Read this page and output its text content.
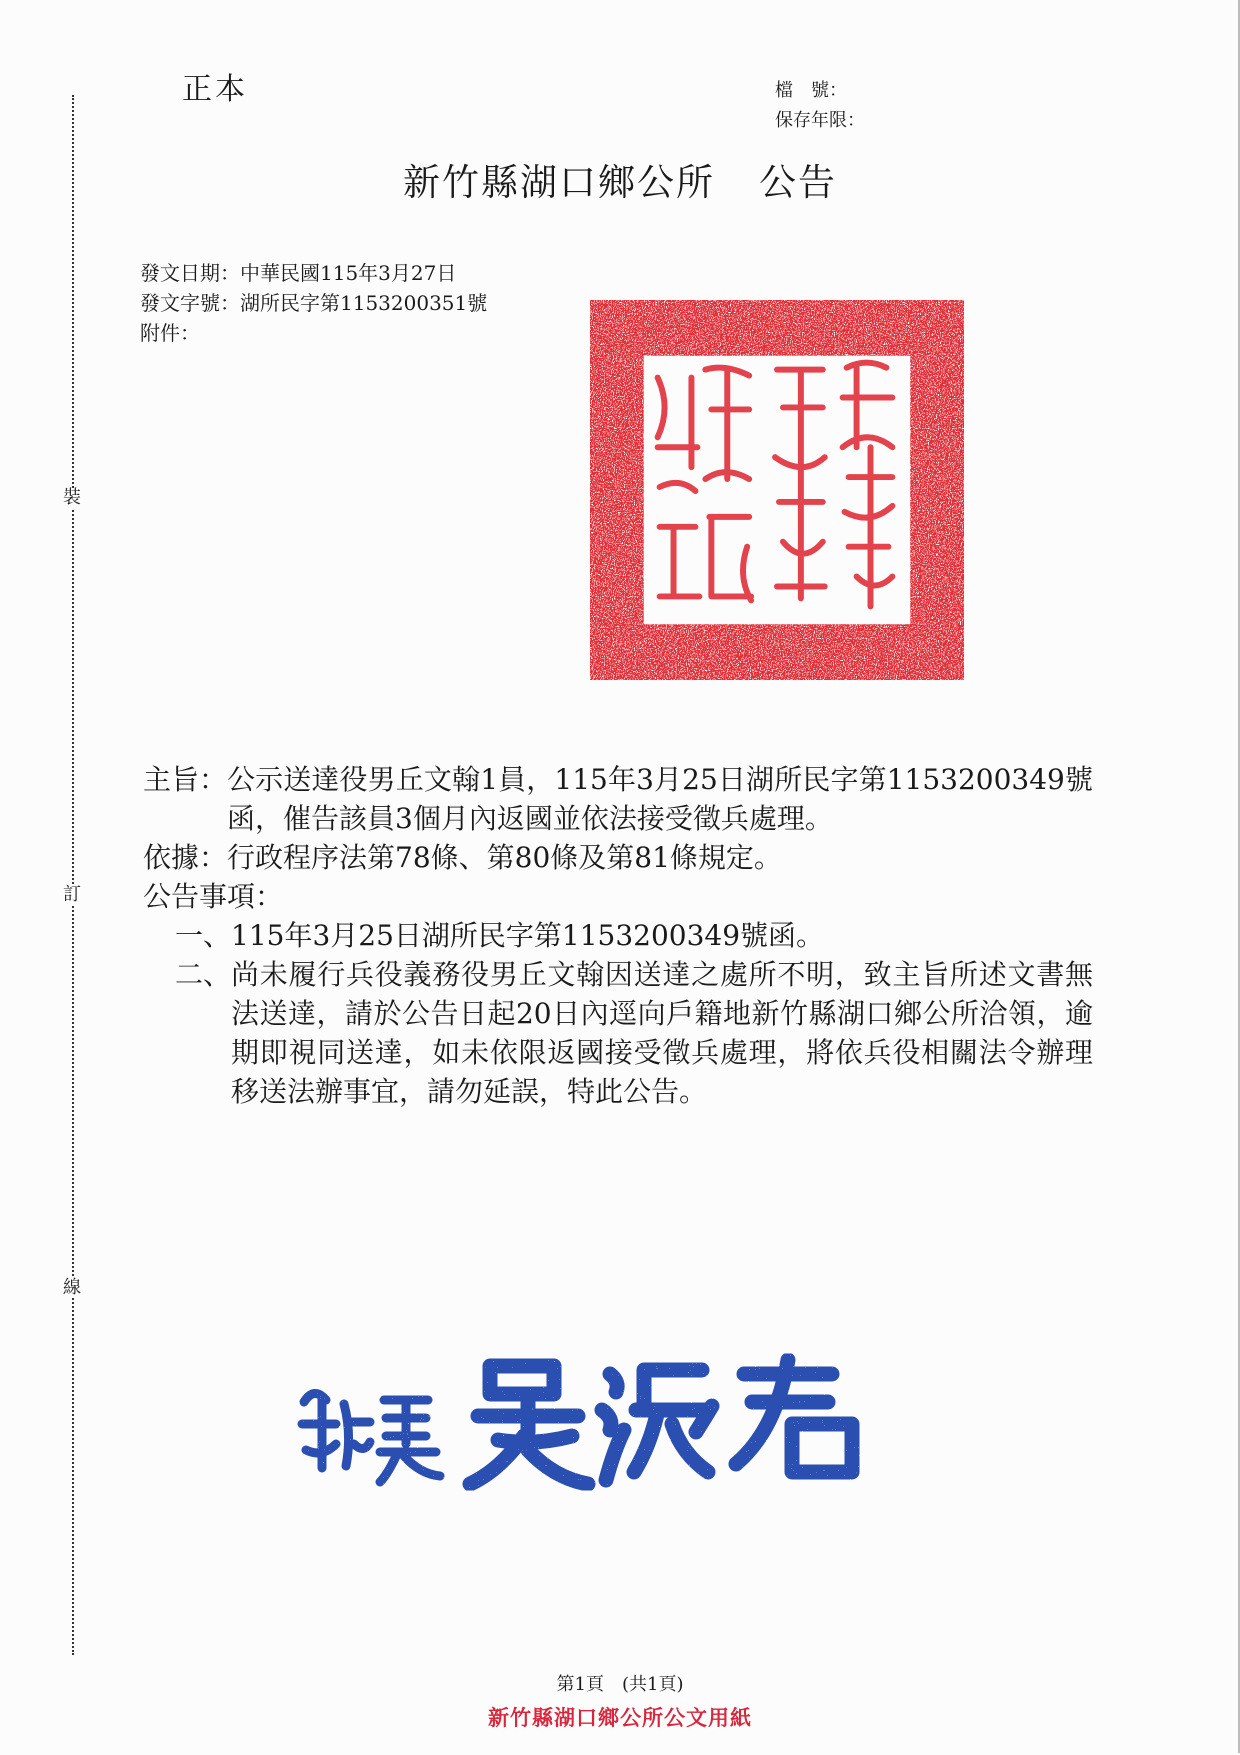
裝
訂
線
正本	檔　號：
保存年限：
新竹縣湖口鄉公所 公告
發文日期： 中華民國115年3月27日
發文字號： 湖所民字第1153200351號
附件：
主旨： 公示送達役男丘文翰1員，115年3月25日湖所民字第1153200349號函，催告該員3個月內返國並依法接受徵兵處理。
依據： 行政程序法第78條、第80條及第81條規定。
公告事項：
一、 115年3月25日湖所民字第1153200349號函。
二、 尚未履行兵役義務役男丘文翰因送達之處所不明，致主旨所述文書無法送達，請於公告日起20日內逕向戶籍地新竹縣湖口鄉公所洽領，逾期即視同送達，如未依限返國接受徵兵處理，將依兵役相關法令辦理移送法辦事宜，請勿延誤，特此公告。
第1頁 (共1頁)
新竹縣湖口鄉公所公文用紙
